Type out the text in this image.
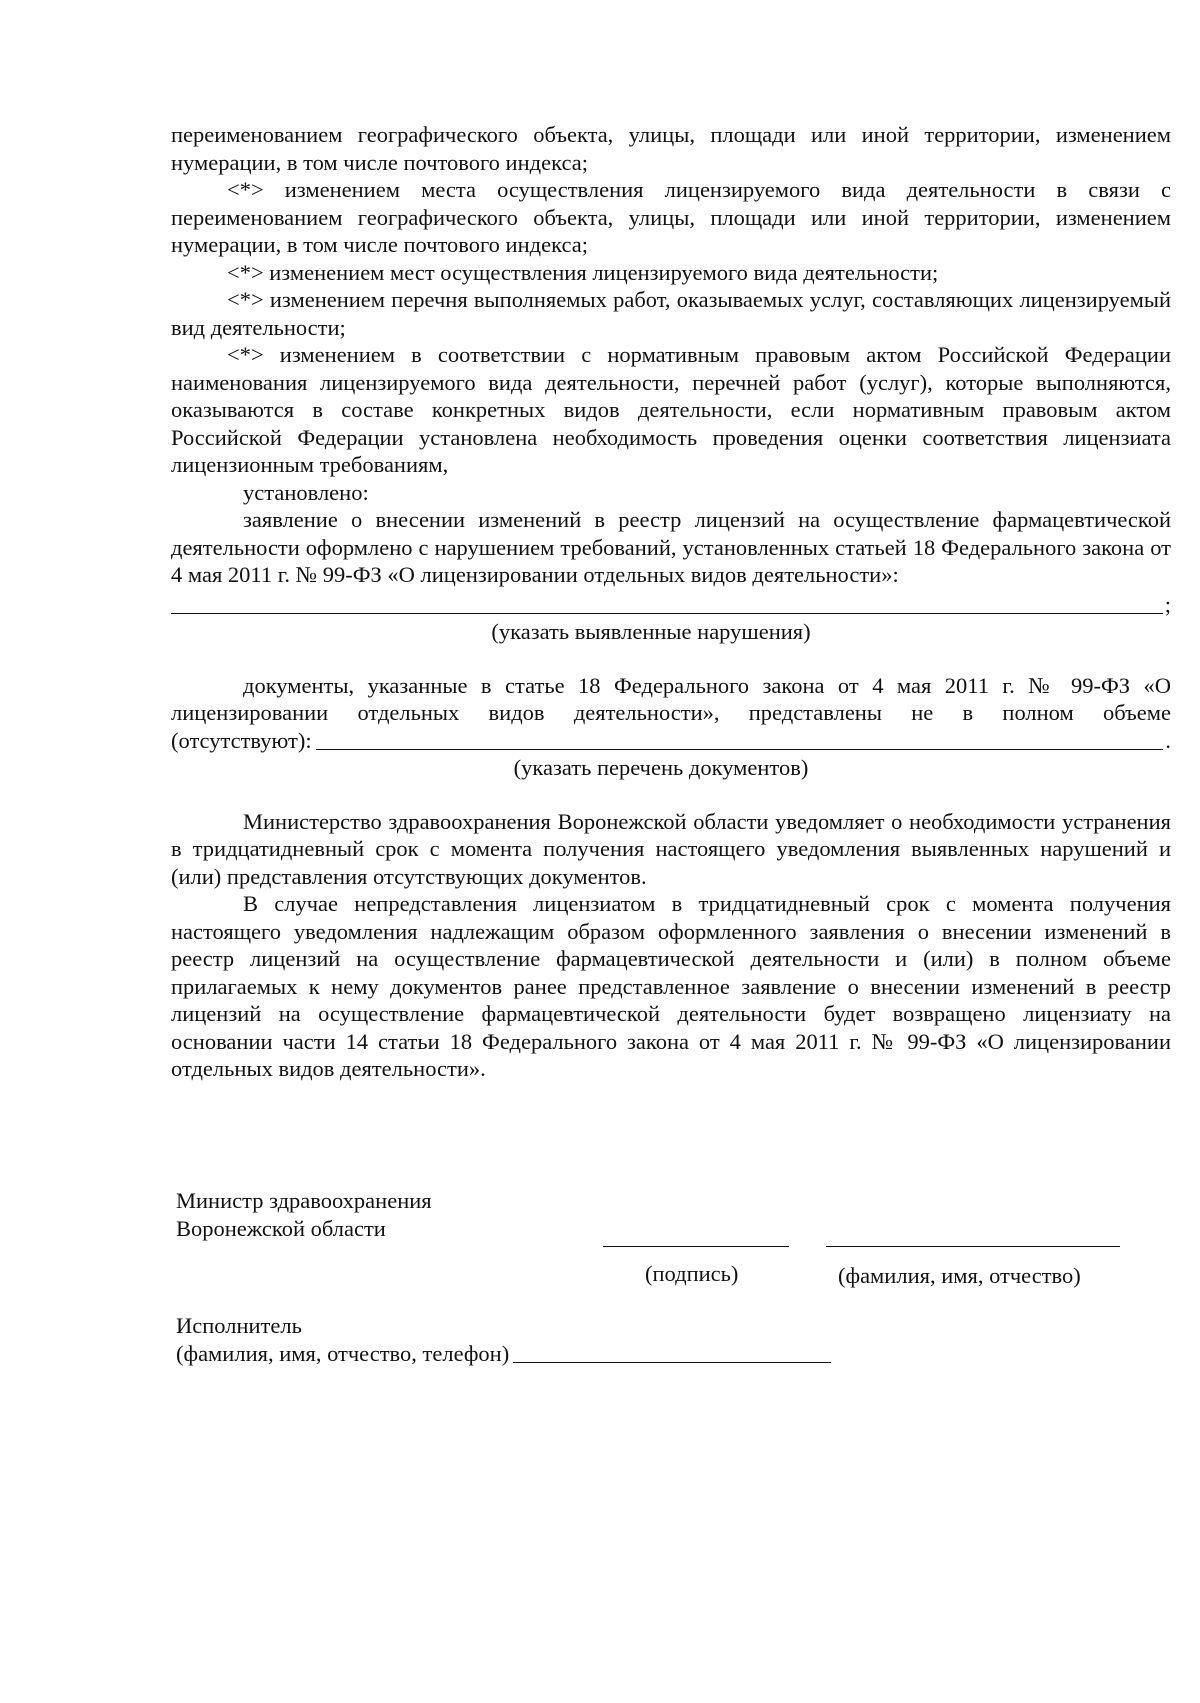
переименованием географического объекта, улицы, площади или иной территории, изменением нумерации, в том числе почтового индекса;

<*> изменением места осуществления лицензируемого вида деятельности в связи с переименованием географического объекта, улицы, площади или иной территории, изменением нумерации, в том числе почтового индекса;

<*> изменением мест осуществления лицензируемого вида деятельности;

<*> изменением перечня выполняемых работ, оказываемых услуг, составляющих лицензируемый вид деятельности;

<*> изменением в соответствии с нормативным правовым актом Российской Федерации наименования лицензируемого вида деятельности, перечней работ (услуг), которые выполняются, оказываются в составе конкретных видов деятельности, если нормативным правовым актом Российской Федерации установлена необходимость проведения оценки соответствия лицензиата лицензионным требованиям,

установлено:

заявление о внесении изменений в реестр лицензий на осуществление фармацевтической деятельности оформлено с нарушением требований, установленных статьей 18 Федерального закона от 4 мая 2011 г. № 99-ФЗ «О лицензировании отдельных видов деятельности»:

;

(указать выявленные нарушения)

документы, указанные в статье 18 Федерального закона от 4 мая 2011 г. № 99-ФЗ «О лицензировании отдельных видов деятельности», представлены не в полном объеме

(отсутствуют):	.

(указать перечень документов)

Министерство здравоохранения Воронежской области уведомляет о необходимости устранения в тридцатидневный срок с момента получения настоящего уведомления выявленных нарушений и (или) представления отсутствующих документов.

В случае непредставления лицензиатом в тридцатидневный срок с момента получения настоящего уведомления надлежащим образом оформленного заявления о внесении изменений в реестр лицензий на осуществление фармацевтической деятельности и (или) в полном объеме прилагаемых к нему документов ранее представленное заявление о внесении изменений в реестр лицензий на осуществление фармацевтической деятельности будет возвращено лицензиату на основании части 14 статьи 18 Федерального закона от 4 мая 2011 г. № 99-ФЗ «О лицензировании отдельных видов деятельности».

Министр здравоохранения
Воронежской области
(подпись)	(фамилия, имя, отчество)
Исполнитель
(фамилия, имя, отчество, телефон)
